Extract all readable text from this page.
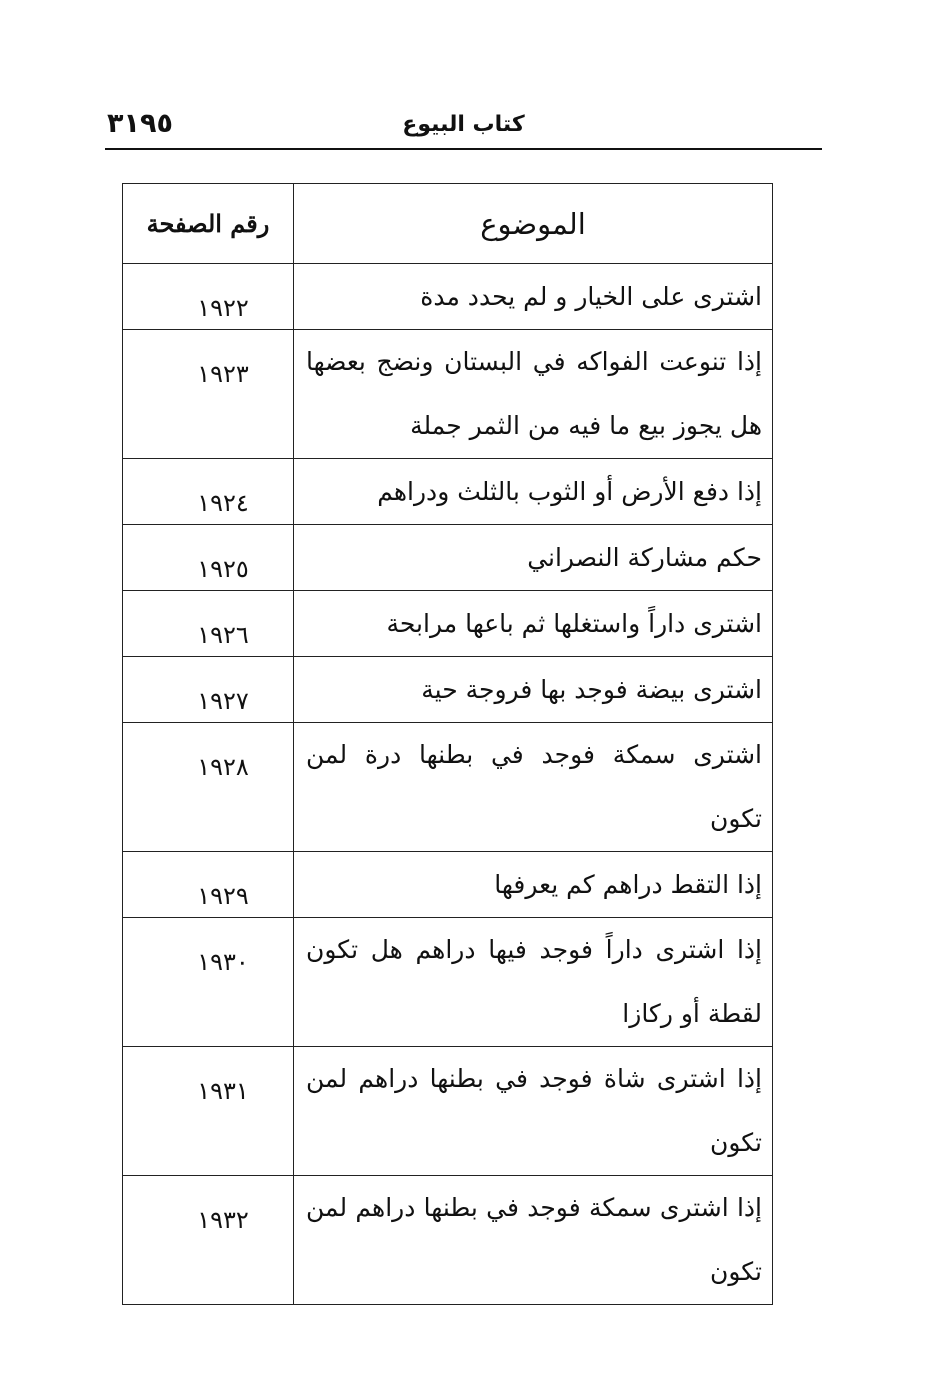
٣١٩٥	كتاب البيوع
الموضوع	رقم الصفحة
اشترى على الخيار و لم يحدد مدة	١٩٢٢
إذا تنوعت الفواكه في البستان ونضج بعضها هل يجوز بيع ما فيه من الثمر جملة	١٩٢٣
إذا دفع الأرض أو الثوب بالثلث ودراهم	١٩٢٤
حكم مشاركة النصراني	١٩٢٥
اشترى داراً واستغلها ثم باعها مرابحة	١٩٢٦
اشترى بيضة فوجد بها فروجة حية	١٩٢٧
اشترى سمكة فوجد في بطنها درة لمن تكون	١٩٢٨
إذا التقط دراهم كم يعرفها	١٩٢٩
إذا اشترى داراً فوجد فيها دراهم هل تكون لقطة أو ركازا	١٩٣٠
إذا اشترى شاة فوجد في بطنها دراهم لمن تكون	١٩٣١
إذا اشترى سمكة فوجد في بطنها دراهم لمن تكون	١٩٣٢
